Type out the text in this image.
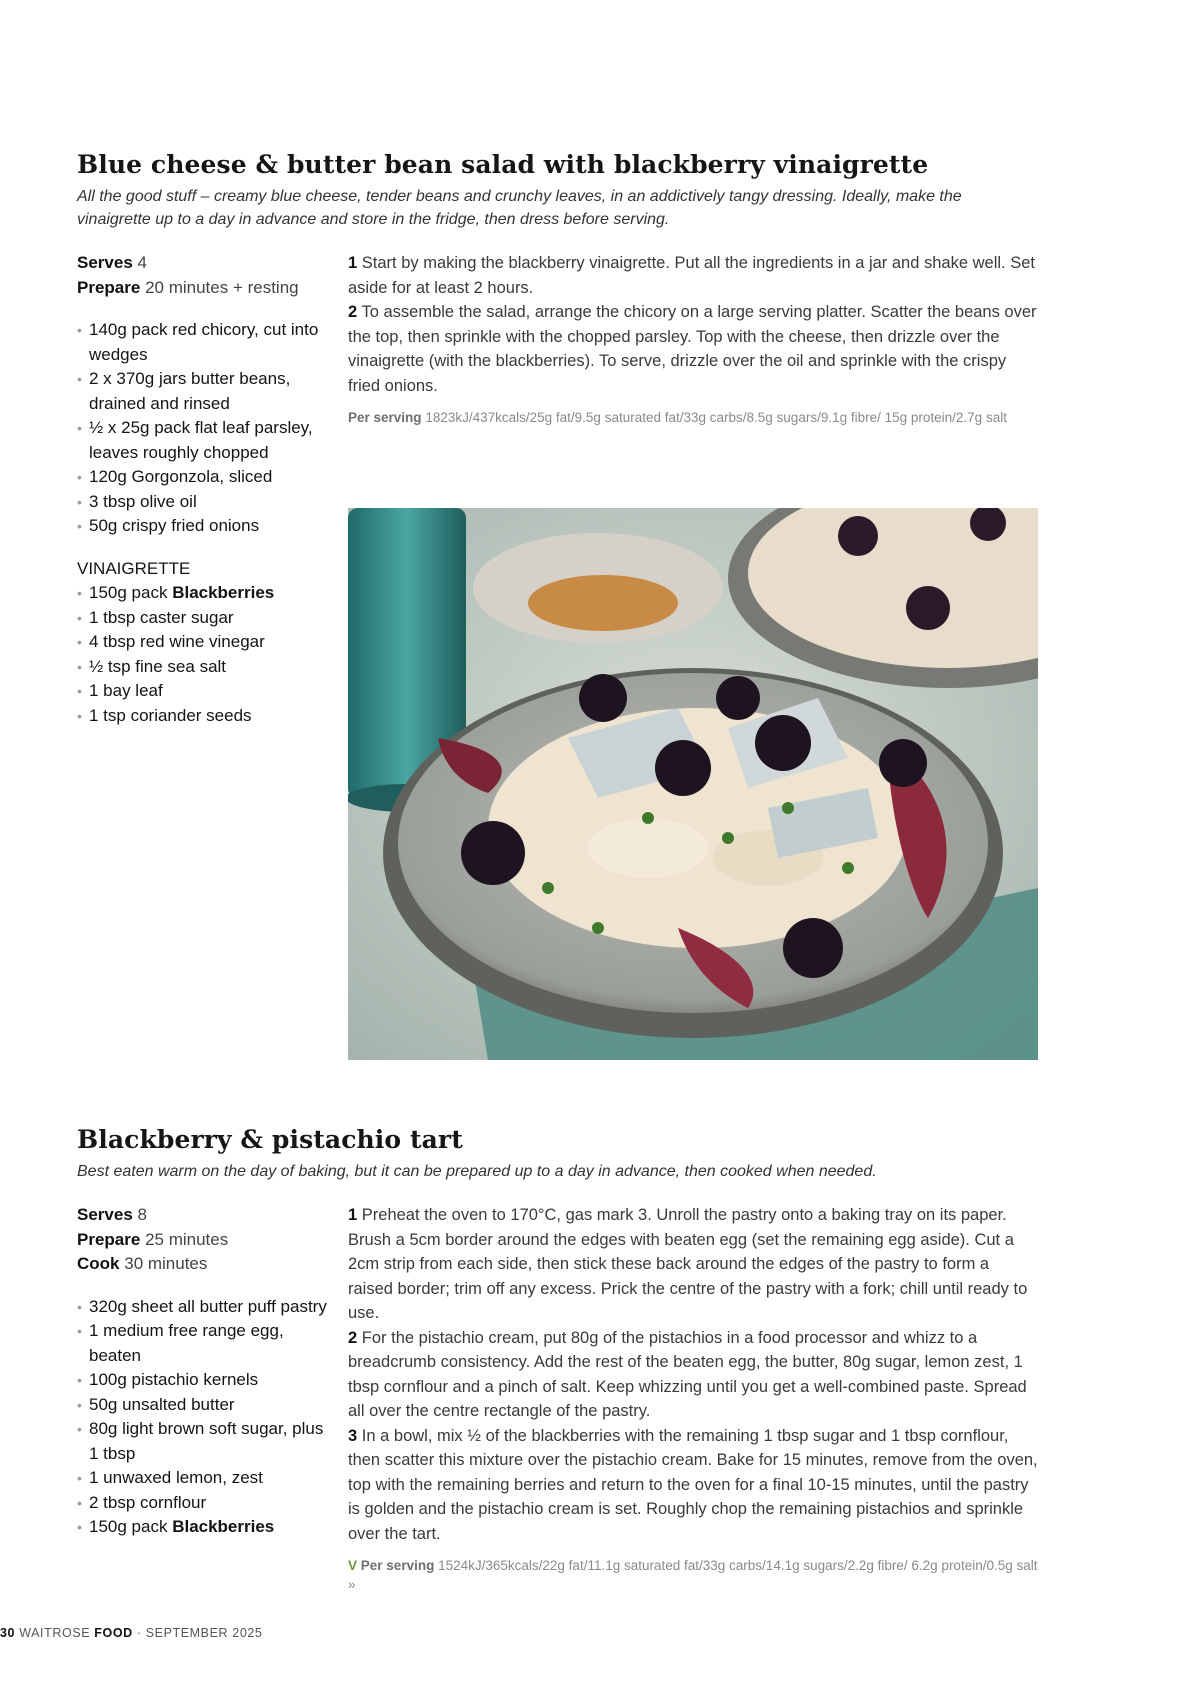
Blue cheese & butter bean salad with blackberry vinaigrette

All the good stuff – creamy blue cheese, tender beans and crunchy leaves, in an addictively tangy dressing. Ideally, make the vinaigrette up to a day in advance and store in the fridge, then dress before serving.

Serves 4
Prepare 20 minutes + resting
• 140g pack red chicory, cut into wedges
• 2 x 370g jars butter beans, drained and rinsed
• ½ x 25g pack flat leaf parsley, leaves roughly chopped
• 120g Gorgonzola, sliced
• 3 tbsp olive oil
• 50g crispy fried onions
VINAIGRETTE
• 150g pack Blackberries
• 1 tbsp caster sugar
• 4 tbsp red wine vinegar
• ½ tsp fine sea salt
• 1 bay leaf
• 1 tsp coriander seeds

1 Start by making the blackberry vinaigrette. Put all the ingredients in a jar and shake well. Set aside for at least 2 hours.

2 To assemble the salad, arrange the chicory on a large serving platter. Scatter the beans over the top, then sprinkle with the chopped parsley. Top with the cheese, then drizzle over the vinaigrette (with the blackberries). To serve, drizzle over the oil and sprinkle with the crispy fried onions.

Per serving 1823kJ/437kcals/25g fat/9.5g saturated fat/33g carbs/8.5g sugars/9.1g fibre/ 15g protein/2.7g salt
Blackberry & pistachio tart

Best eaten warm on the day of baking, but it can be prepared up to a day in advance, then cooked when needed.

Serves 8
Prepare 25 minutes
Cook 30 minutes
• 320g sheet all butter puff pastry
• 1 medium free range egg, beaten
• 100g pistachio kernels
• 50g unsalted butter
• 80g light brown soft sugar, plus 1 tbsp
• 1 unwaxed lemon, zest
• 2 tbsp cornflour
• 150g pack Blackberries

1 Preheat the oven to 170°C, gas mark 3. Unroll the pastry onto a baking tray on its paper. Brush a 5cm border around the edges with beaten egg (set the remaining egg aside). Cut a 2cm strip from each side, then stick these back around the edges of the pastry to form a raised border; trim off any excess. Prick the centre of the pastry with a fork; chill until ready to use.

2 For the pistachio cream, put 80g of the pistachios in a food processor and whizz to a breadcrumb consistency. Add the rest of the beaten egg, the butter, 80g sugar, lemon zest, 1 tbsp cornflour and a pinch of salt. Keep whizzing until you get a well-combined paste. Spread all over the centre rectangle of the pastry.

3 In a bowl, mix ½ of the blackberries with the remaining 1 tbsp sugar and 1 tbsp cornflour, then scatter this mixture over the pistachio cream. Bake for 15 minutes, remove from the oven, top with the remaining berries and return to the oven for a final 10-15 minutes, until the pastry is golden and the pistachio cream is set. Roughly chop the remaining pistachios and sprinkle over the tart.

V Per serving 1524kJ/365kcals/22g fat/11.1g saturated fat/33g carbs/14.1g sugars/2.2g fibre/ 6.2g protein/0.5g salt »
30 WAITROSE FOOD · SEPTEMBER 2025
